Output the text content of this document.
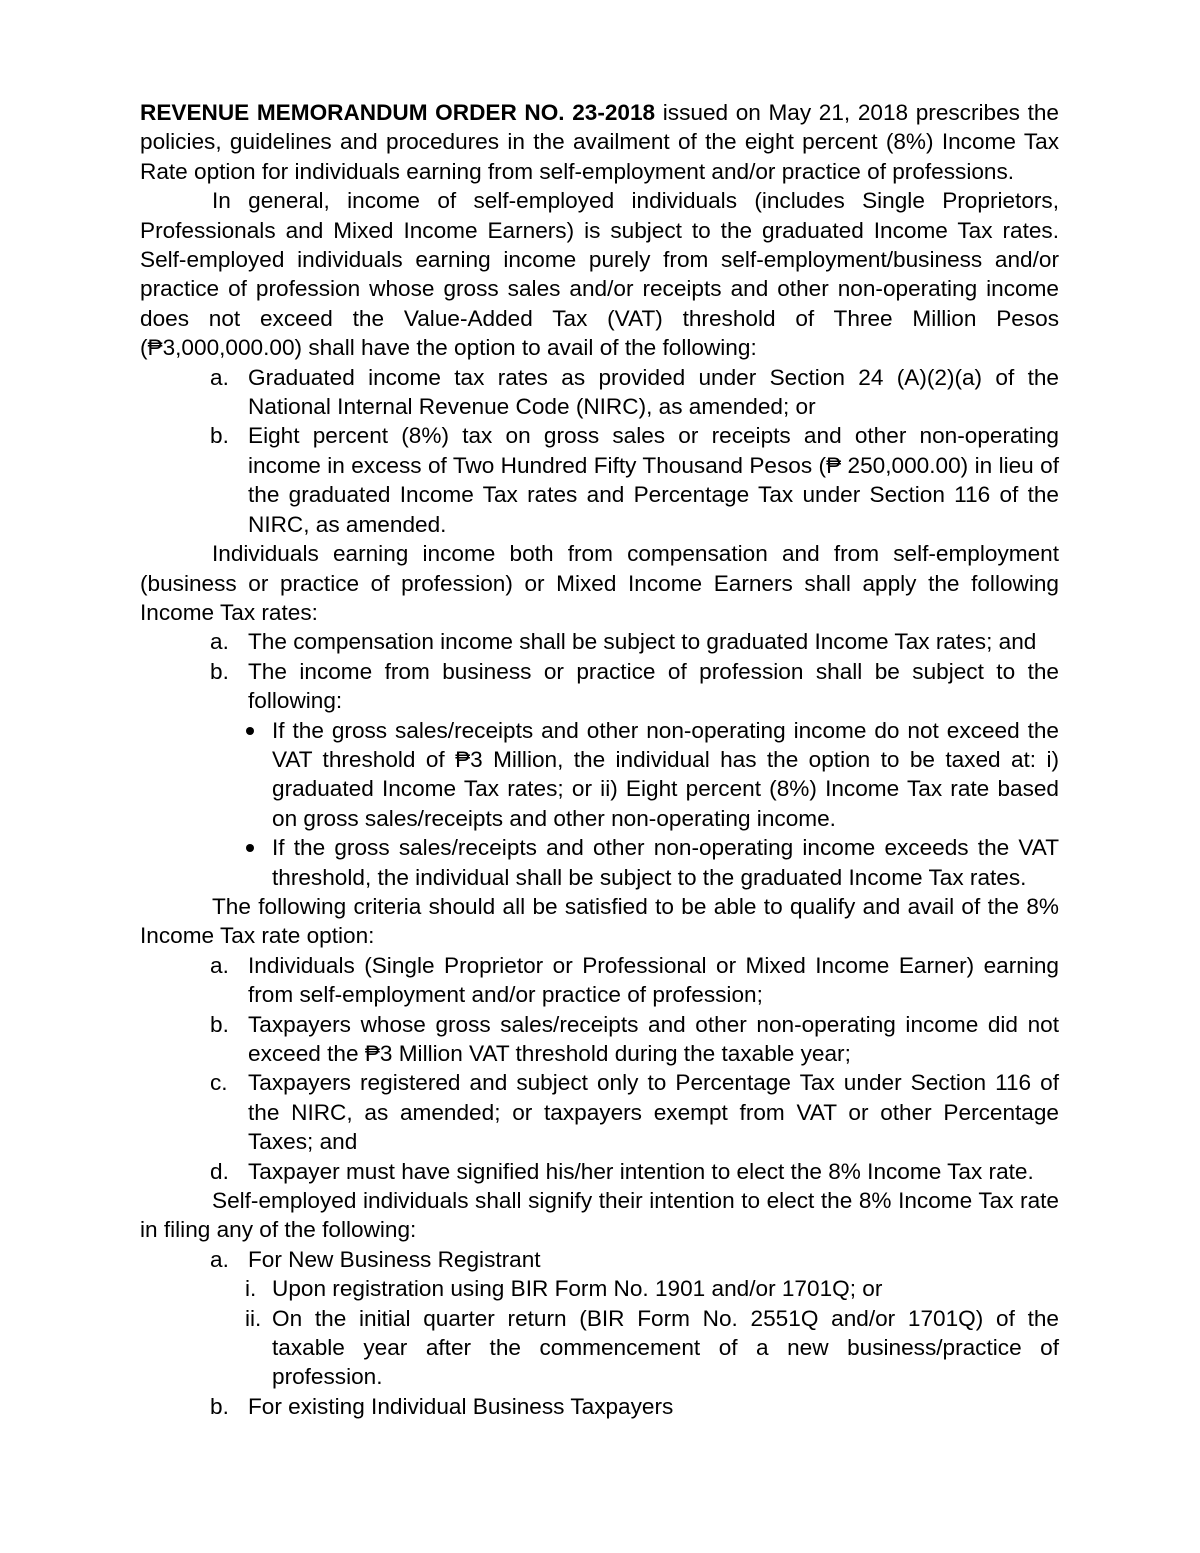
REVENUE MEMORANDUM ORDER NO. 23-2018 issued on May 21, 2018 prescribes the policies, guidelines and procedures in the availment of the eight percent (8%) Income Tax Rate option for individuals earning from self-employment and/or practice of professions.

In general, income of self-employed individuals (includes Single Proprietors, Professionals and Mixed Income Earners) is subject to the graduated Income Tax rates. Self-employed individuals earning income purely from self-employment/business and/or practice of profession whose gross sales and/or receipts and other non-operating income does not exceed the Value-Added Tax (VAT) threshold of Three Million Pesos (₱3,000,000.00) shall have the option to avail of the following:

a. Graduated income tax rates as provided under Section 24 (A)(2)(a) of the National Internal Revenue Code (NIRC), as amended; or
b. Eight percent (8%) tax on gross sales or receipts and other non-operating income in excess of Two Hundred Fifty Thousand Pesos (₱ 250,000.00) in lieu of the graduated Income Tax rates and Percentage Tax under Section 116 of the NIRC, as amended.

Individuals earning income both from compensation and from self-employment (business or practice of profession) or Mixed Income Earners shall apply the following Income Tax rates:

a. The compensation income shall be subject to graduated Income Tax rates; and
b. The income from business or practice of profession shall be subject to the following:
If the gross sales/receipts and other non-operating income do not exceed the VAT threshold of ₱3 Million, the individual has the option to be taxed at: i) graduated Income Tax rates; or ii) Eight percent (8%) Income Tax rate based on gross sales/receipts and other non-operating income.
If the gross sales/receipts and other non-operating income exceeds the VAT threshold, the individual shall be subject to the graduated Income Tax rates.

The following criteria should all be satisfied to be able to qualify and avail of the 8% Income Tax rate option:

a. Individuals (Single Proprietor or Professional or Mixed Income Earner) earning from self-employment and/or practice of profession;
b. Taxpayers whose gross sales/receipts and other non-operating income did not exceed the ₱3 Million VAT threshold during the taxable year;
c. Taxpayers registered and subject only to Percentage Tax under Section 116 of the NIRC, as amended; or taxpayers exempt from VAT or other Percentage Taxes; and
d. Taxpayer must have signified his/her intention to elect the 8% Income Tax rate.

Self-employed individuals shall signify their intention to elect the 8% Income Tax rate in filing any of the following:

a. For New Business Registrant
i. Upon registration using BIR Form No. 1901 and/or 1701Q; or
ii. On the initial quarter return (BIR Form No. 2551Q and/or 1701Q) of the taxable year after the commencement of a new business/practice of profession.
b. For existing Individual Business Taxpayers
